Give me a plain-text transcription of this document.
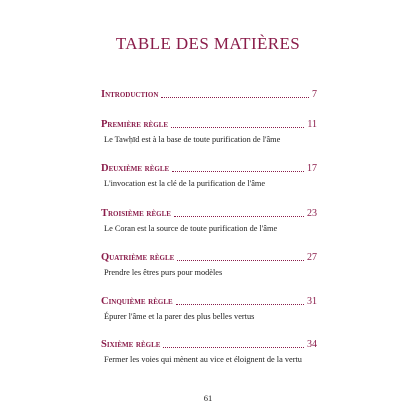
TABLE DES MATIÈRES
Introduction	7
Première règle	11
Le Tawḥīd est à la base de toute purification de l'âme
Deuxième règle	17
L'invocation est la clé de la purification de l'âme
Troisième règle	23
Le Coran est la source de toute purification de l'âme
Quatrième règle	27
Prendre les êtres purs pour modèles
Cinquième règle	31
Épurer l'âme et la parer des plus belles vertus
Sixième règle	34
Fermer les voies qui mènent au vice et éloignent de la vertu
61
